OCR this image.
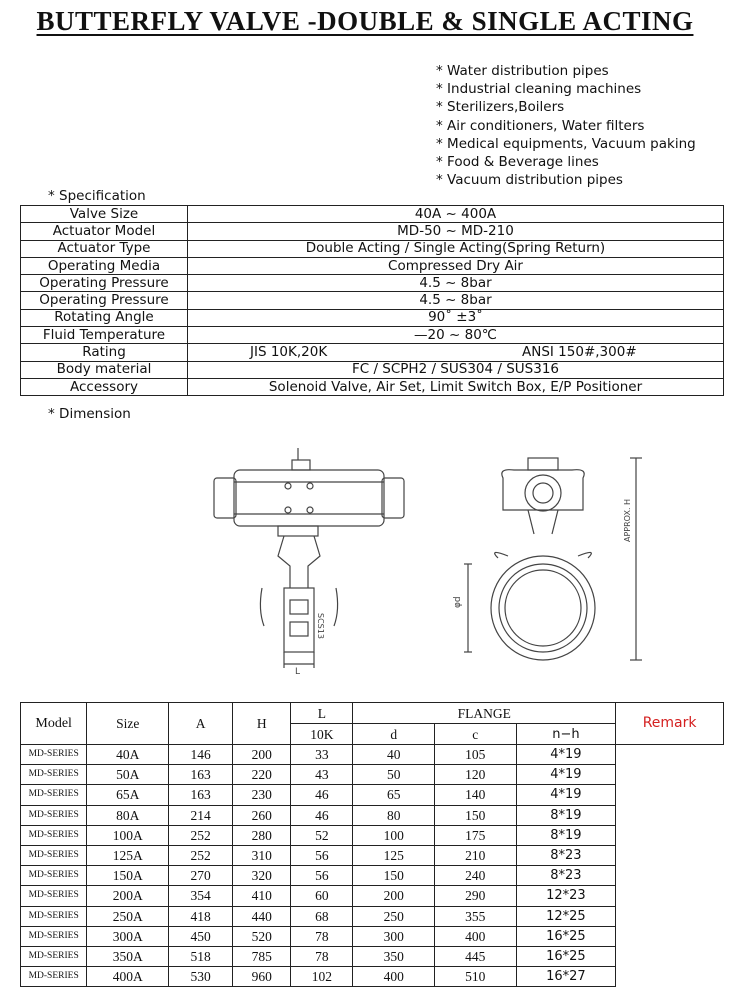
BUTTERFLY VALVE -DOUBLE & SINGLE ACTING
* Water distribution pipes
* Industrial cleaning machines
* Sterilizers,Boilers
* Air conditioners, Water filters
* Medical equipments, Vacuum paking
* Food & Beverage lines
* Vacuum distribution pipes
* Specification
Valve Size	40A ~ 400A
Actuator Model	MD-50 ~ MD-210
Actuator Type	Double Acting / Single Acting(Spring Return)
Operating Media	Compressed Dry Air
Operating Pressure	4.5 ~ 8bar
Operating Pressure	4.5 ~ 8bar
Rotating Angle	90˚ ±3˚
Fluid Temperature	—20 ~ 80℃
Rating	JIS 10K,20K ANSI 150#,300#

Body material	FC / SCPH2 / SUS304 / SUS316
Accessory	Solenoid Valve, Air Set, Limit Switch Box, E/P Positioner
* Dimension
SCS13
L
φd
APPROX. H
Model	Size	A	H	L	FLANGE			Remark
				10K	d	c	n−h	
MD-SERIES	40A	146	200	33	40	105	4*19	
MD-SERIES	50A	163	220	43	50	120	4*19	
MD-SERIES	65A	163	230	46	65	140	4*19	
MD-SERIES	80A	214	260	46	80	150	8*19	
MD-SERIES	100A	252	280	52	100	175	8*19	
MD-SERIES	125A	252	310	56	125	210	8*23	
MD-SERIES	150A	270	320	56	150	240	8*23	
MD-SERIES	200A	354	410	60	200	290	12*23	
MD-SERIES	250A	418	440	68	250	355	12*25	
MD-SERIES	300A	450	520	78	300	400	16*25	
MD-SERIES	350A	518	785	78	350	445	16*25	
MD-SERIES	400A	530	960	102	400	510	16*27	
